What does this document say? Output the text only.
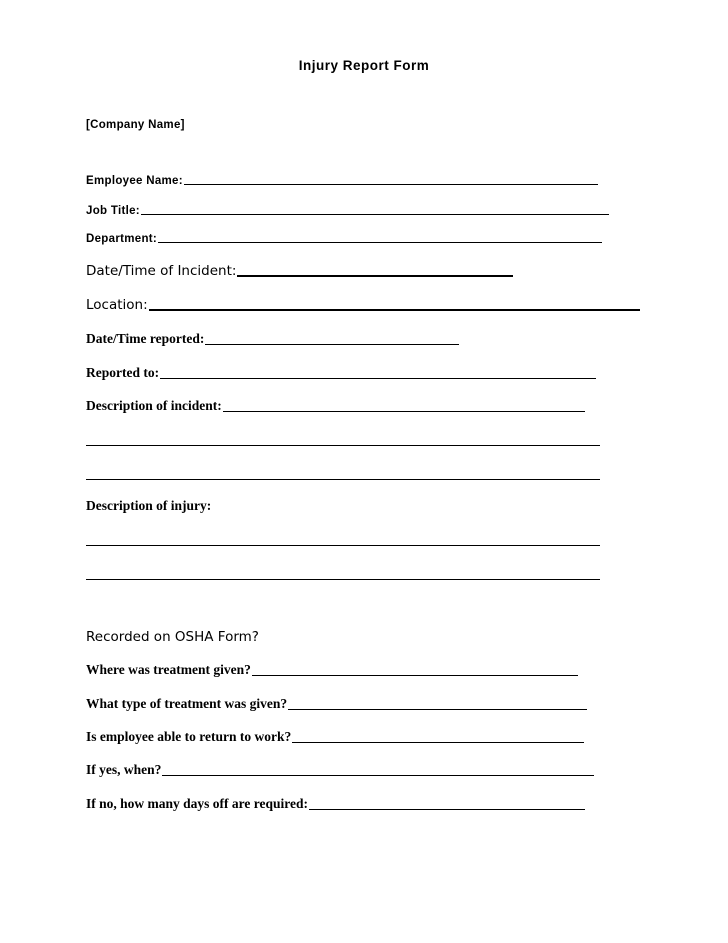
Injury Report Form
[Company Name]
Employee Name:
Job Title:
Department:
Date/Time of Incident:
Location:
Date/Time reported:
Reported to:
Description of incident:
Description of injury:
Recorded on OSHA Form?
Where was treatment given?
What type of treatment was given?
Is employee able to return to work?
If yes, when?
If no, how many days off are required:
